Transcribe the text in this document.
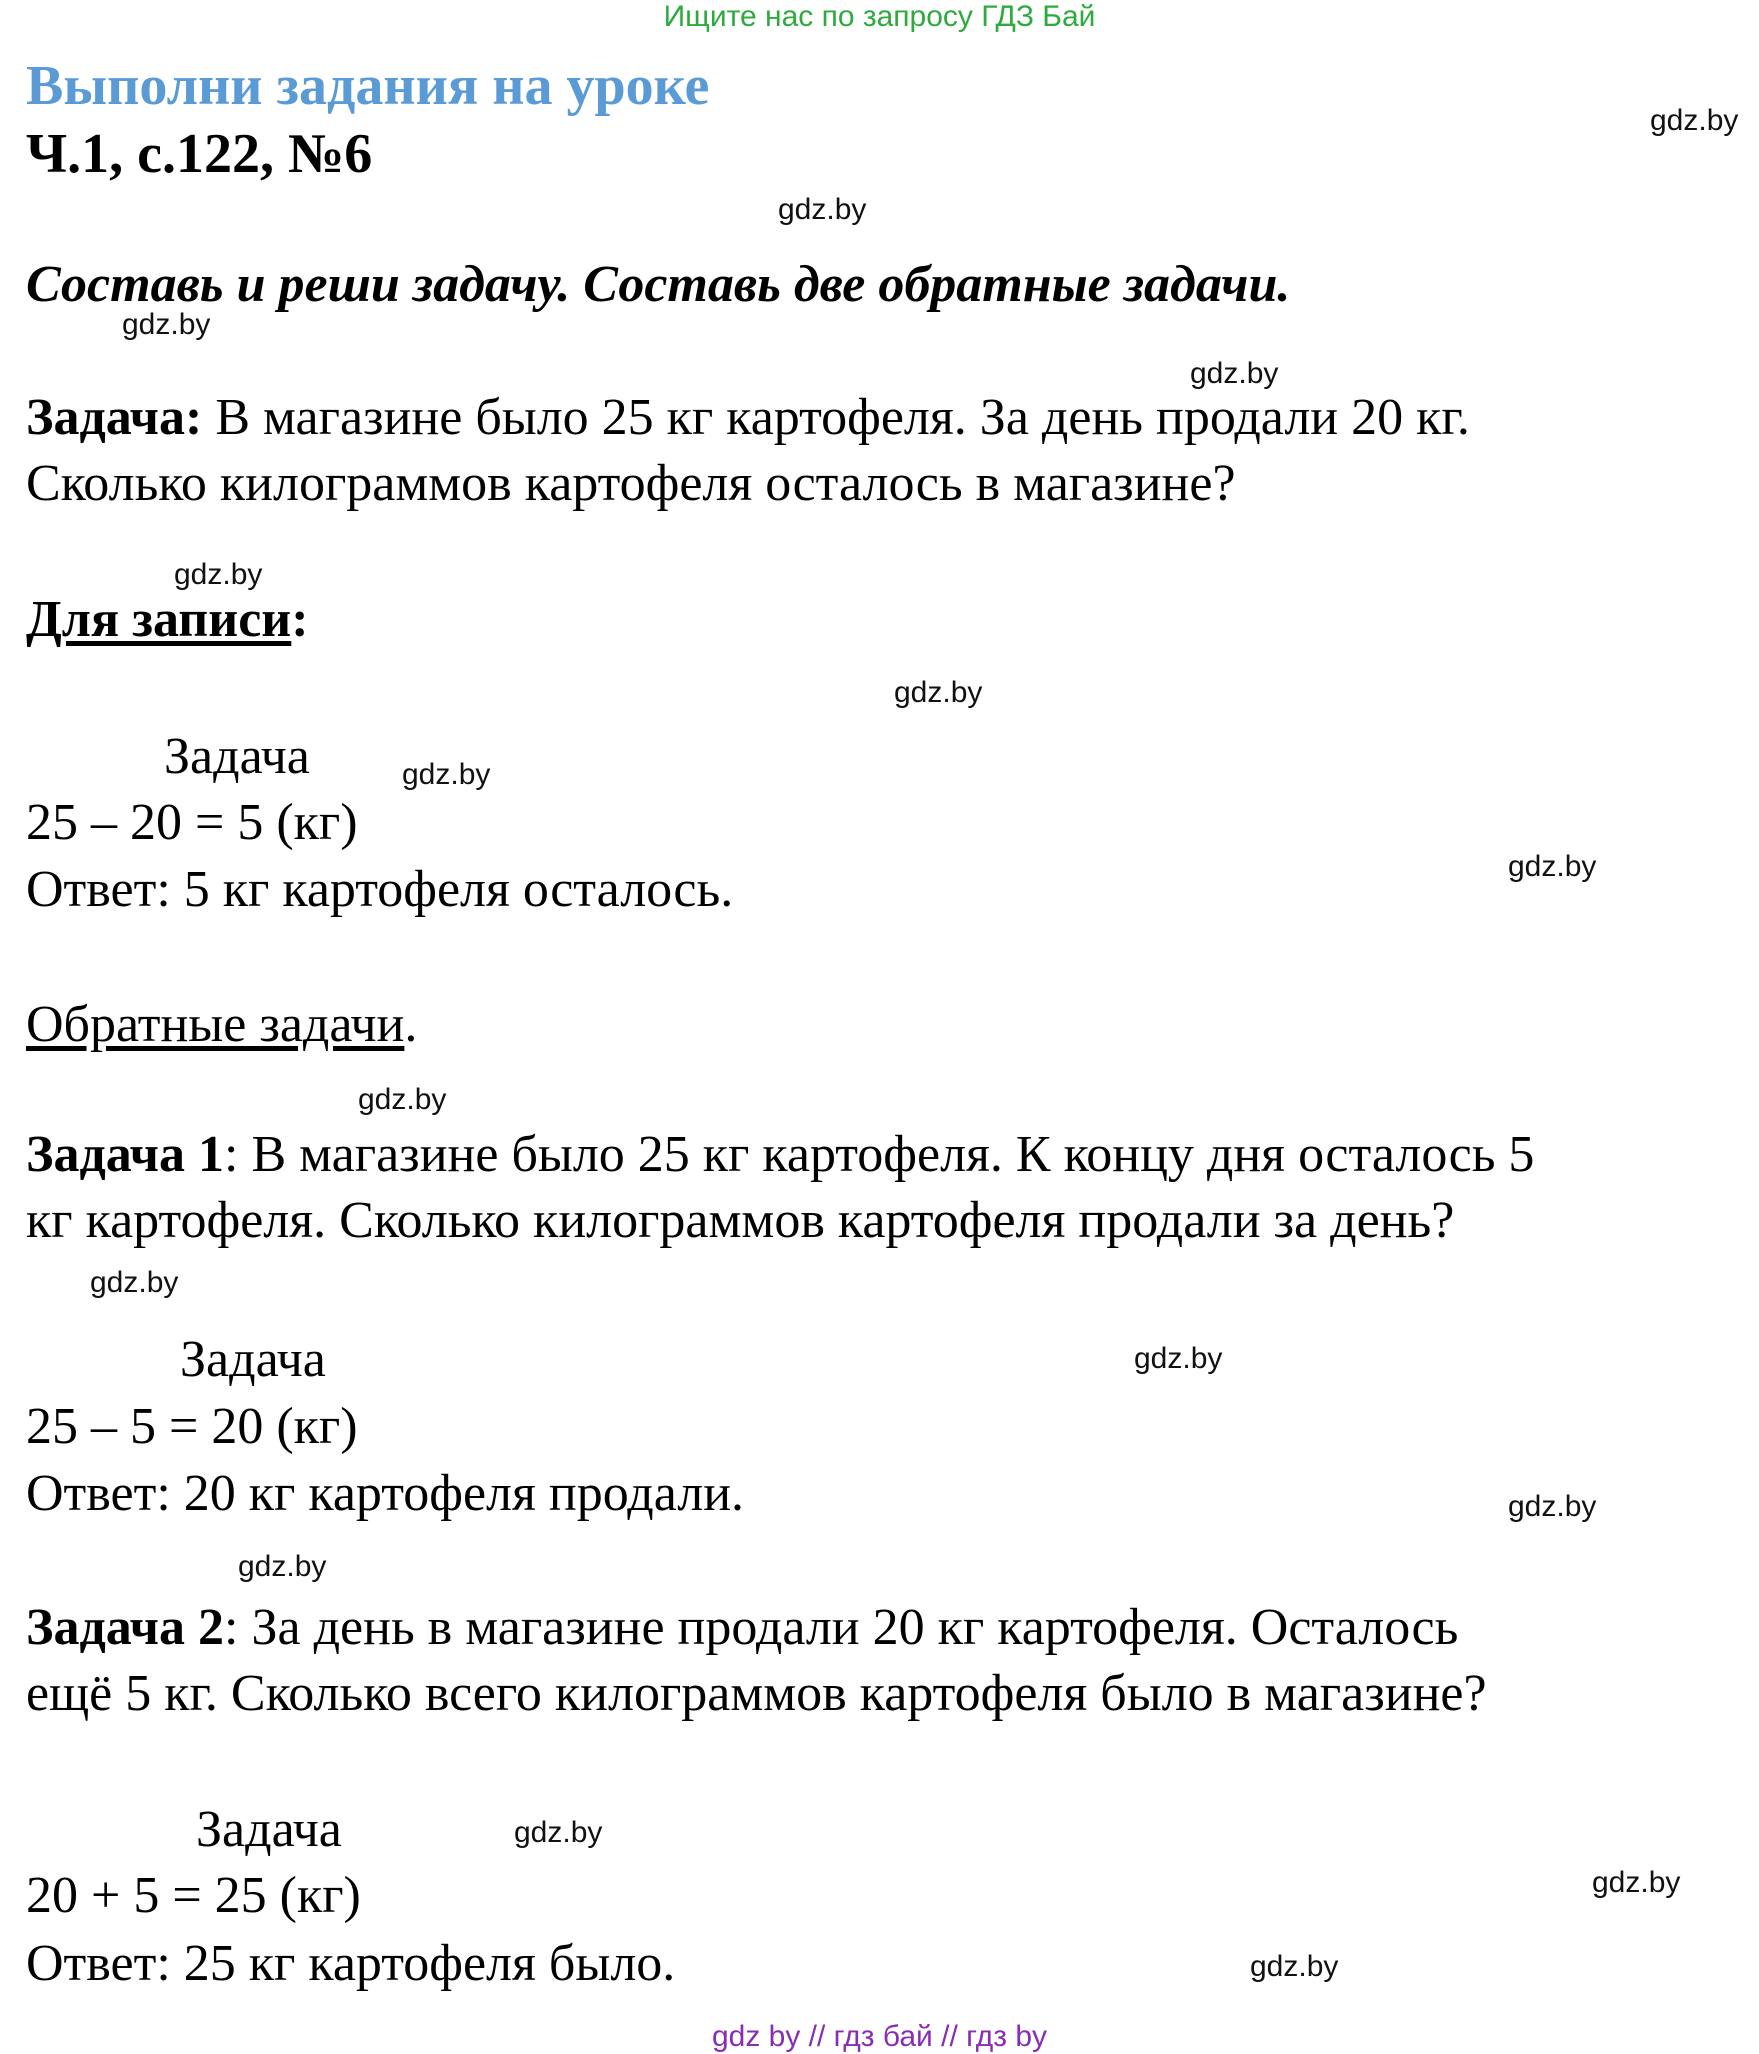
Ищите нас по запросу ГДЗ Бай
Выполни задания на уроке
Ч.1, с.122, №6
Составь и реши задачу. Составь две обратные задачи.
Задача: В магазине было 25 кг картофеля. За день продали 20 кг.
Сколько килограммов картофеля осталось в магазине?
Для записи:
Задача
25 – 20 = 5 (кг)
Ответ: 5 кг картофеля осталось.
Обратные задачи.
Задача 1: В магазине было 25 кг картофеля. К концу дня осталось 5
кг картофеля. Сколько килограммов картофеля продали за день?
Задача
25 – 5 = 20 (кг)
Ответ: 20 кг картофеля продали.
Задача 2: За день в магазине продали 20 кг картофеля. Осталось
ещё 5 кг. Сколько всего килограммов картофеля было в магазине?
Задача
20 + 5 = 25 (кг)
Ответ: 25 кг картофеля было.
gdz.by
gdz.by
gdz.by
gdz.by
gdz.by
gdz.by
gdz.by
gdz.by
gdz.by
gdz.by
gdz.by
gdz.by
gdz.by
gdz.by
gdz.by
gdz.by
gdz by // гдз бай // гдз by
